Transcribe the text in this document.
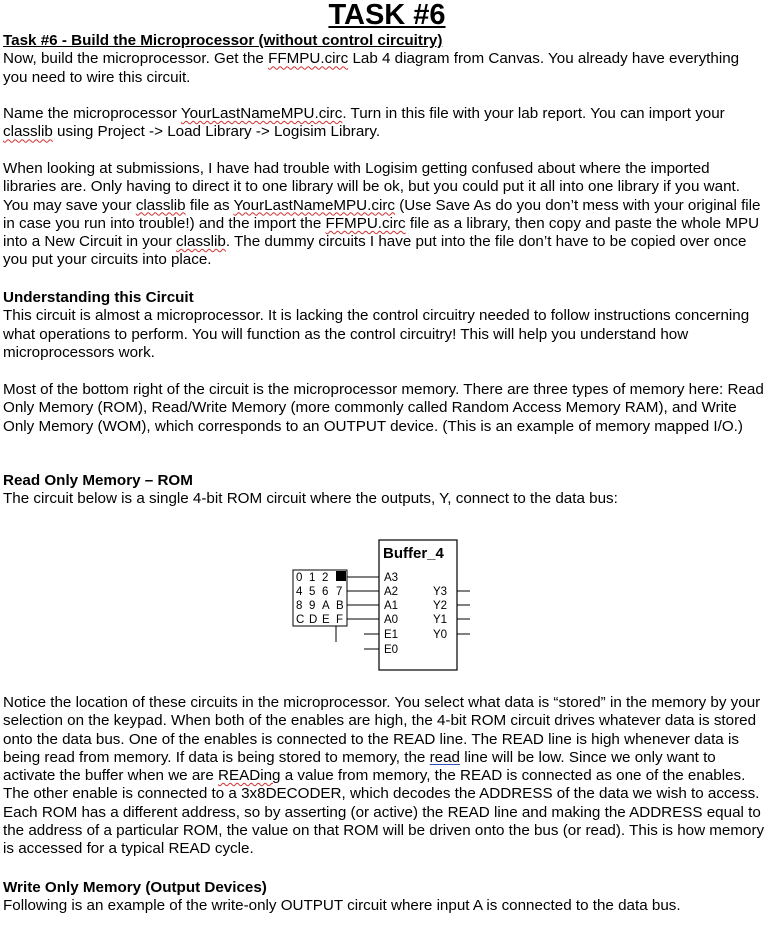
TASK #6

Task #6 - Build the Microprocessor (without control circuitry)

Now, build the microprocessor. Get the FFMPU.circ Lab 4 diagram from Canvas. You already have everything you need to wire this circuit.

Name the microprocessor YourLastNameMPU.circ. Turn in this file with your lab report. You can import your classlib using Project -> Load Library -> Logisim Library.

When looking at submissions, I have had trouble with Logisim getting confused about where the imported libraries are. Only having to direct it to one library will be ok, but you could put it all into one library if you want. You may save your classlib file as YourLastNameMPU.circ (Use Save As do you don’t mess with your original file in case you run into trouble!) and the import the FFMPU.circ file as a library, then copy and paste the whole MPU into a New Circuit in your classlib. The dummy circuits I have put into the file don’t have to be copied over once you put your circuits into place.

Understanding this Circuit

This circuit is almost a microprocessor. It is lacking the control circuitry needed to follow instructions concerning what operations to perform. You will function as the control circuitry! This will help you understand how microprocessors work.

Most of the bottom right of the circuit is the microprocessor memory. There are three types of memory here: Read Only Memory (ROM), Read/Write Memory (more commonly called Random Access Memory RAM), and Write Only Memory (WOM), which corresponds to an OUTPUT device. (This is an example of memory mapped I/O.)

Read Only Memory – ROM

The circuit below is a single 4-bit ROM circuit where the outputs, Y, connect to the data bus:

Buffer_4
0 1 2
4 5 6 7
8 9 A B
C D E F
A3
A2
A1
A0
E1
E0
Y3
Y2
Y1
Y0

Notice the location of these circuits in the microprocessor. You select what data is “stored” in the memory by your selection on the keypad. When both of the enables are high, the 4-bit ROM circuit drives whatever data is stored onto the data bus. One of the enables is connected to the READ line. The READ line is high whenever data is being read from memory. If data is being stored to memory, the read line will be low. Since we only want to activate the buffer when we are READing a value from memory, the READ is connected as one of the enables. The other enable is connected to a 3x8DECODER, which decodes the ADDRESS of the data we wish to access. Each ROM has a different address, so by asserting (or active) the READ line and making the ADDRESS equal to the address of a particular ROM, the value on that ROM will be driven onto the bus (or read). This is how memory is accessed for a typical READ cycle.

Write Only Memory (Output Devices)

Following is an example of the write-only OUTPUT circuit where input A is connected to the data bus.
